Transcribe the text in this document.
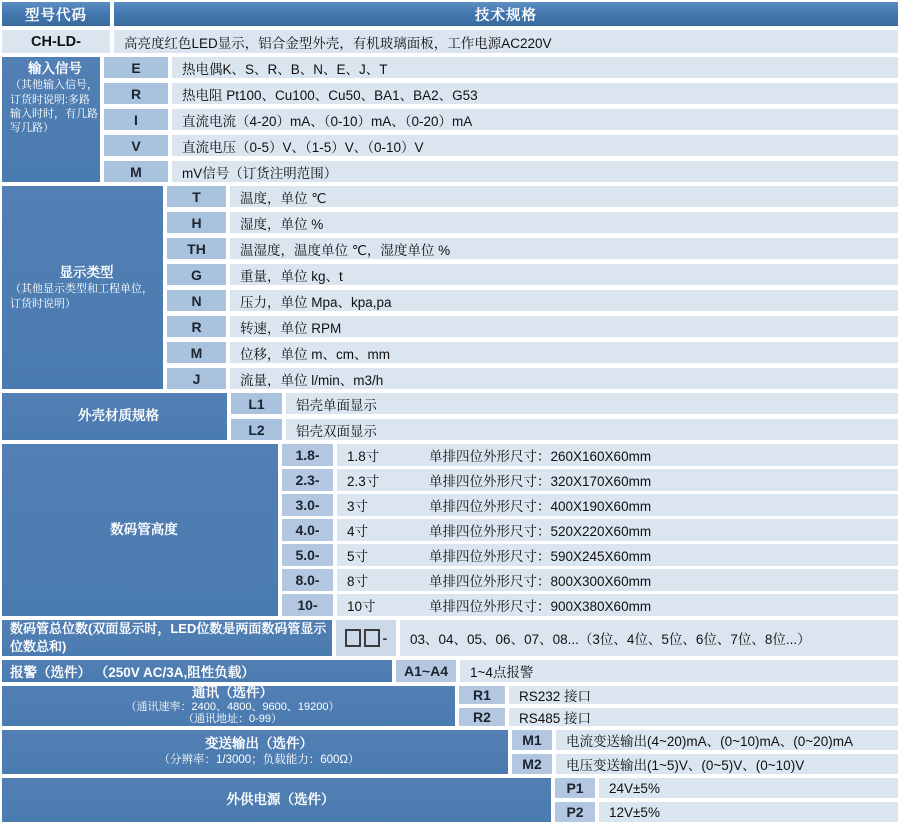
型号代码	技术规格
CH-LD-	高亮度红色LED显示，铝合金型外壳，有机玻璃面板，工作电源AC220V
输入信号
（其他输入信号，订货时说明:多路输入时时，有几路写几路）
E	热电偶K、S、R、B、N、E、J、T
R	热电阻 Pt100、Cu100、Cu50、BA1、BA2、G53
I	直流电流（4-20）mA、（0-10）mA、（0-20）mA
V	直流电压（0-5）V、（1-5）V、（0-10）V
M	mV信号（订货注明范围）
显示类型
（其他显示类型和工程单位，订货时说明）
T	温度，单位 ℃
H	湿度，单位 %
TH	温湿度，温度单位 ℃，湿度单位 %
G	重量，单位 kg、t
N	压力，单位 Mpa、kpa,pa
R	转速，单位 RPM
M	位移，单位 m、cm、mm
J	流量，单位 l/min、m3/h
外壳材质规格
L1	铝壳单面显示
L2	铝壳双面显示
数码管高度
1.8-	1.8寸	单排四位外形尺寸：260X160X60mm
2.3-	2.3寸	单排四位外形尺寸：320X170X60mm
3.0-	3寸	单排四位外形尺寸：400X190X60mm
4.0-	4寸	单排四位外形尺寸：520X220X60mm
5.0-	5寸	单排四位外形尺寸：590X245X60mm
8.0-	8寸	单排四位外形尺寸：800X300X60mm
10-	10寸	单排四位外形尺寸：900X380X60mm
数码管总位数(双面显示时，LED位数是两面数码管显示位数总和)
-	03、04、05、06、07、08...（3位、4位、5位、6位、7位、8位...）
报警（选件） （250V AC/3A,阻性负载）	A1~A4	1~4点报警
通讯（选件）
（通讯速率：2400、4800、9600、19200）
（通讯地址：0-99）
R1	RS232 接口
R2	RS485 接口
变送输出（选件）
（分辨率：1/3000；负载能力：600Ω）
M1	电流变送输出(4~20)mA、(0~10)mA、(0~20)mA
M2	电压变送输出(1~5)V、(0~5)V、(0~10)V
外供电源（选件）
P1	24V±5%
P2	12V±5%
